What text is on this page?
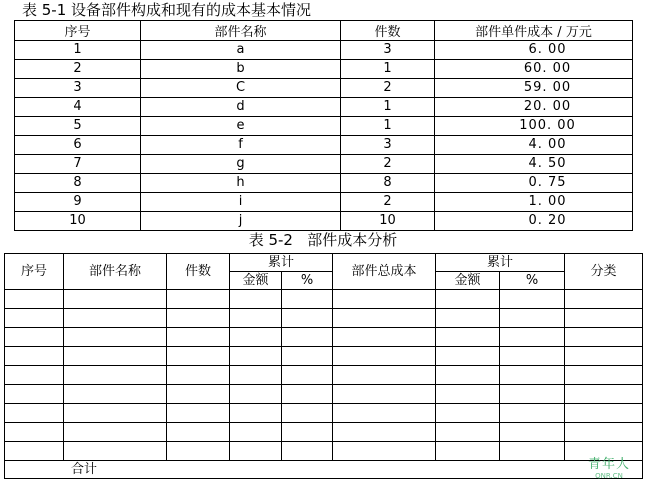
表 5-1 设备部件构成和现有的成本基本情况
序号	部件名称	件数	部件单件成本 / 万元
1	a	3	6. 00
2	b	1	60. 00
3	C	2	59. 00
4	d	1	20. 00
5	e	1	100. 00
6	f	3	4. 00
7	g	2	4. 50
8	h	8	0. 75
9	i	2	1. 00
10	j	10	0. 20
表 5-2   部件成本分析
序号	部件名称	件数	累计		部件总成本	累计		分类
			金额	%		金额	%	

合计									青年人
QNR.CN
